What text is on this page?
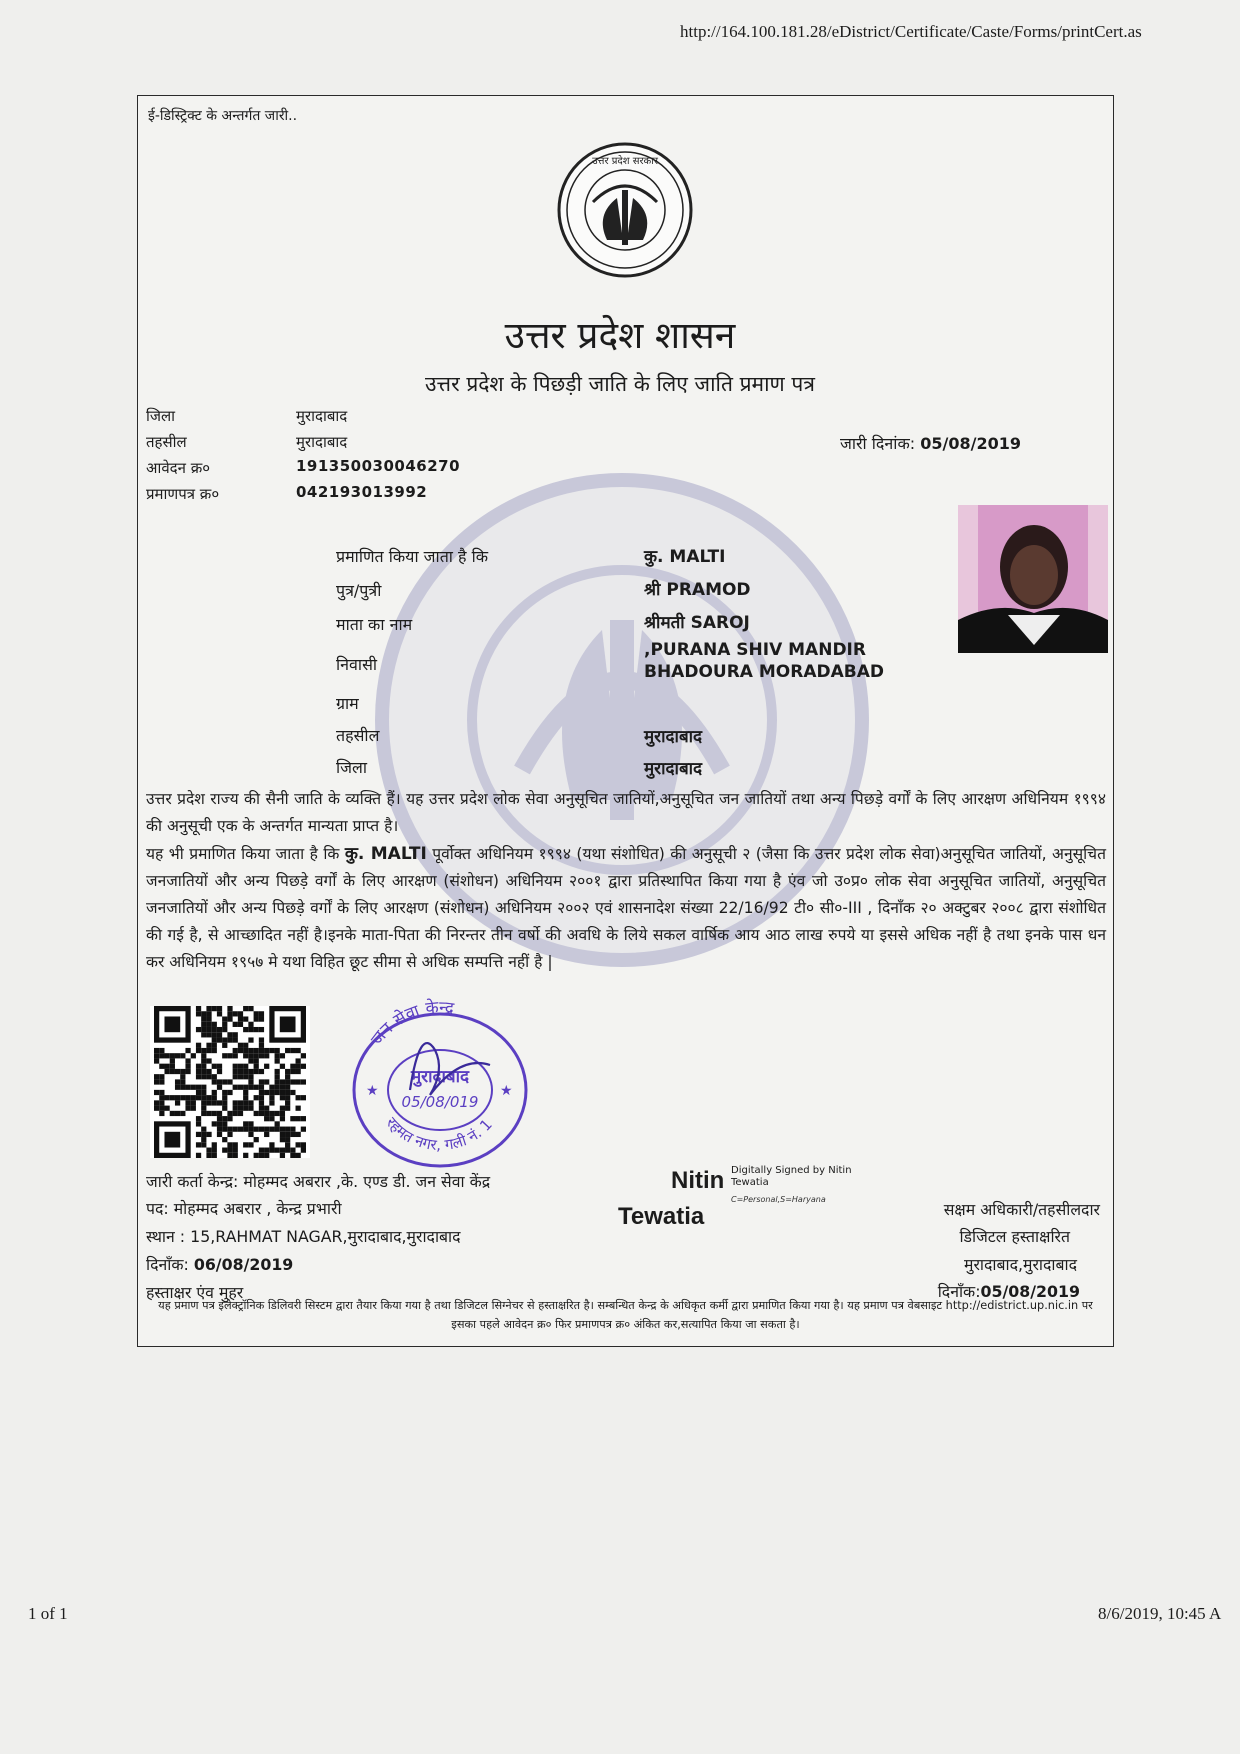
http://164.100.181.28/eDistrict/Certificate/Caste/Forms/printCert.as
1 of 1	8/6/2019, 10:45 A
ई-डिस्ट्रिक्ट के अन्तर्गत जारी..
उत्तर प्रदेश सरकार
उत्तर प्रदेश शासन
उत्तर प्रदेश के पिछड़ी जाति के लिए जाति प्रमाण पत्र
जिला	मुरादाबाद
तहसील	मुरादाबाद
आवेदन क्र०	191350030046270
प्रमाणपत्र क्र०	042193013992
जारी दिनांक: 05/08/2019
प्रमाणित किया जाता है कि	कु. MALTI
पुत्र/पुत्री	श्री PRAMOD
माता का नाम	श्रीमती SAROJ
निवासी
,PURANA SHIV MANDIR
BHADOURA MORADABAD
ग्राम
तहसील	मुरादाबाद
जिला	मुरादाबाद
उत्तर प्रदेश राज्य की सैनी जाति के व्यक्ति हैं। यह उत्तर प्रदेश लोक सेवा अनुसूचित जातियों,अनुसूचित जन जातियों तथा अन्य पिछड़े वर्गों के लिए आरक्षण अधिनियम १९९४ की अनुसूची एक के अन्तर्गत मान्यता प्राप्त है।
यह भी प्रमाणित किया जाता है कि कु. MALTI पूर्वोक्त अधिनियम १९९४ (यथा संशोधित) की अनुसूची २ (जैसा कि उत्तर प्रदेश लोक सेवा)अनुसूचित जातियों, अनुसूचित जनजातियों और अन्य पिछड़े वर्गों के लिए आरक्षण (संशोधन) अधिनियम २००१ द्वारा प्रतिस्थापित किया गया है एंव जो उ०प्र० लोक सेवा अनुसूचित जातियों, अनुसूचित जनजातियों और अन्य पिछड़े वर्गों के लिए आरक्षण (संशोधन) अधिनियम २००२ एवं शासनादेश संख्या 22/16/92 टी० सी०-III , दिनाँक २० अक्टुबर २००८ द्वारा संशोधित की गई है, से आच्छादित नहीं है।इनके माता-पिता की निरन्तर तीन वर्षो की अवधि के लिये सकल वार्षिक आय आठ लाख रुपये या इससे अधिक नहीं है तथा इनके पास धन कर अधिनियम १९५७ मे यथा विहित छूट सीमा से अधिक सम्पत्ति नहीं है |
जन सेवा केन्द्र
रहमत नगर, गली नं. 1
मुरादाबाद
05/08/019
★	★
जारी कर्ता केन्द्र: मोहम्मद अबरार ,के. एण्ड डी. जन सेवा केंद्र
पद: मोहम्मद अबरार , केन्द्र प्रभारी
स्थान : 15,RAHMAT NAGAR,मुरादाबाद,मुरादाबाद
दिनाँक: 06/08/2019
हस्ताक्षर एंव मुहर
Nitin
Tewatia
Digitally Signed by Nitin
Tewatia
C=Personal,S=Haryana
सक्षम अधिकारी/तहसीलदार
डिजिटल हस्ताक्षरित
मुरादाबाद,मुरादाबाद
दिनाँक:05/08/2019
यह प्रमाण पत्र इलेक्ट्रॉनिक डिलिवरी सिस्टम द्वारा तैयार किया गया है तथा डिजिटल सिग्नेचर से हस्ताक्षरित है। सम्बन्धित केन्द्र के अधिकृत कर्मी द्वारा प्रमाणित किया गया है। यह प्रमाण पत्र वेबसाइट http://edistrict.up.nic.in पर इसका पहले आवेदन क्र० फिर प्रमाणपत्र क्र० अंकित कर,सत्यापित किया जा सकता है।
